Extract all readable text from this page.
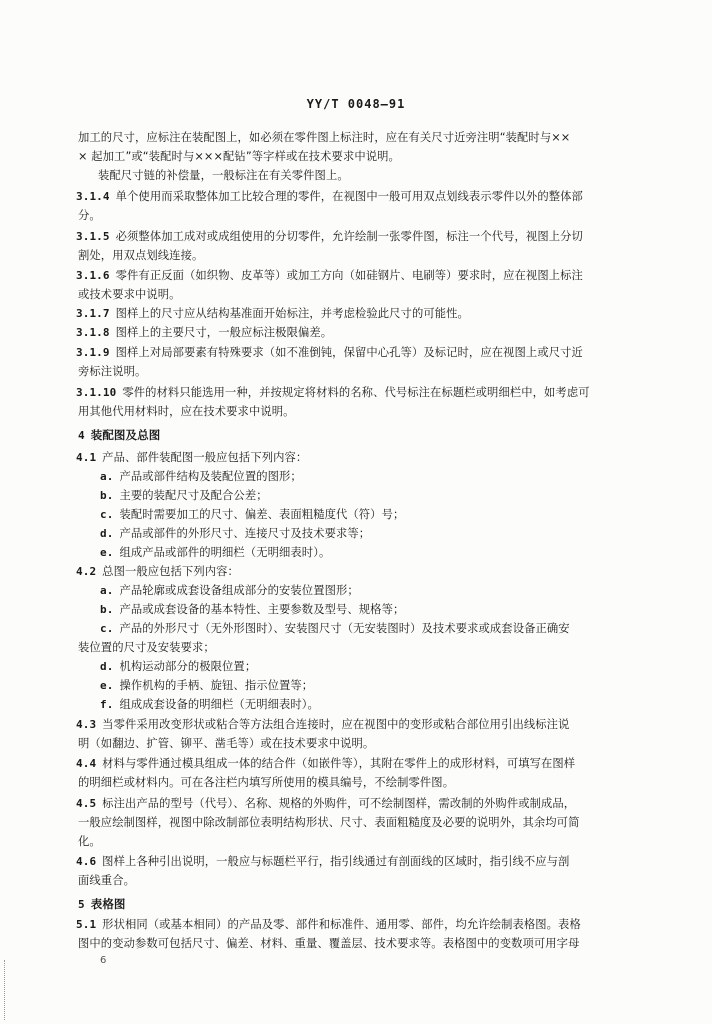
YY/T 0048—91
加工的尺寸，应标注在装配图上，如必须在零件图上标注时，应在有关尺寸近旁注明“装配时与××
× 起加工”或“装配时与×××配钻”等字样或在技术要求中说明。
装配尺寸链的补偿量，一般标注在有关零件图上。
3.1.4 单个使用而采取整体加工比较合理的零件，在视图中一般可用双点划线表示零件以外的整体部
分。
3.1.5 必须整体加工成对或成组使用的分切零件，允许绘制一张零件图，标注一个代号，视图上分切
割处，用双点划线连接。
3.1.6 零件有正反面（如织物、皮革等）或加工方向（如硅钢片、电刷等）要求时，应在视图上标注
或技术要求中说明。
3.1.7 图样上的尺寸应从结构基准面开始标注，并考虑检验此尺寸的可能性。
3.1.8 图样上的主要尺寸，一般应标注极限偏差。
3.1.9 图样上对局部要素有特殊要求（如不准倒钝，保留中心孔等）及标记时，应在视图上或尺寸近
旁标注说明。
3.1.10 零件的材料只能选用一种，并按规定将材料的名称、代号标注在标题栏或明细栏中，如考虑可
用其他代用材料时，应在技术要求中说明。
4 装配图及总图
4.1 产品、部件装配图一般应包括下列内容：
a. 产品或部件结构及装配位置的图形；
b. 主要的装配尺寸及配合公差；
c. 装配时需要加工的尺寸、偏差、表面粗糙度代（符）号；
d. 产品或部件的外形尺寸、连接尺寸及技术要求等；
e. 组成产品或部件的明细栏（无明细表时）。
4.2 总图一般应包括下列内容：
a. 产品轮廓或成套设备组成部分的安装位置图形；
b. 产品或成套设备的基本特性、主要参数及型号、规格等；
c. 产品的外形尺寸（无外形图时）、安装图尺寸（无安装图时）及技术要求或成套设备正确安
装位置的尺寸及安装要求；
d. 机构运动部分的极限位置；
e. 操作机构的手柄、旋钮、指示位置等；
f. 组成成套设备的明细栏（无明细表时）。
4.3 当零件采用改变形状或粘合等方法组合连接时，应在视图中的变形或粘合部位用引出线标注说
明（如翻边、扩管、铆平、凿毛等）或在技术要求中说明。
4.4 材料与零件通过模具组成一体的结合件（如嵌件等），其附在零件上的成形材料，可填写在图样
的明细栏或材料内。可在各注栏内填写所使用的模具编号，不绘制零件图。
4.5 标注出产品的型号（代号）、名称、规格的外购件，可不绘制图样，需改制的外购件或制成品，
一般应绘制图样，视图中除改制部位表明结构形状、尺寸、表面粗糙度及必要的说明外，其余均可简
化。
4.6 图样上各种引出说明，一般应与标题栏平行，指引线通过有剖面线的区域时，指引线不应与剖
面线重合。
5 表格图
5.1 形状相同（或基本相同）的产品及零、部件和标准件、通用零、部件，均允许绘制表格图。表格
图中的变动参数可包括尺寸、偏差、材料、重量、覆盖层、技术要求等。表格图中的变数项可用字母
6
